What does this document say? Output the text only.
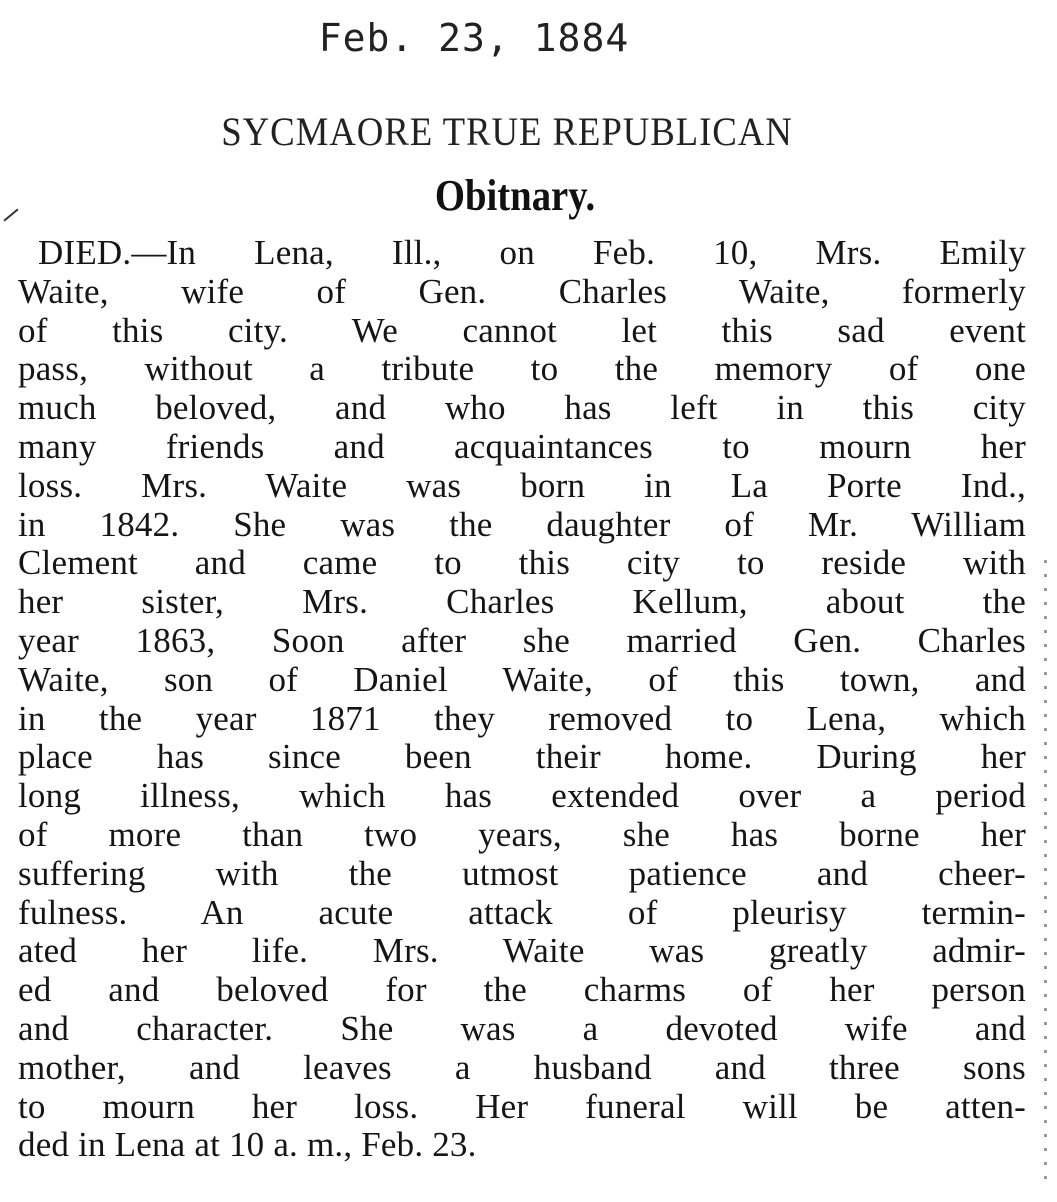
Feb. 23, 1884
SYCMAORE TRUE REPUBLICAN
Obitnary.
DIED.—In Lena, Ill., on Feb. 10, Mrs. Emily
Waite, wife of Gen. Charles Waite, formerly
of this city. We cannot let this sad event
pass, without a tribute to the memory of one
much beloved, and who has left in this city
many friends and acquaintances to mourn her
loss. Mrs. Waite was born in La Porte Ind.,
in 1842. She was the daughter of Mr. William
Clement and came to this city to reside with
her sister, Mrs. Charles Kellum, about the
year 1863, Soon after she married Gen. Charles
Waite, son of Daniel Waite, of this town, and
in the year 1871 they removed to Lena, which
place has since been their home. During her
long illness, which has extended over a period
of more than two years, she has borne her
suffering with the utmost patience and cheer-
fulness. An acute attack of pleurisy termin-
ated her life. Mrs. Waite was greatly admir-
ed and beloved for the charms of her person
and character. She was a devoted wife and
mother, and leaves a husband and three sons
to mourn her loss. Her funeral will be atten-
ded in Lena at 10 a. m., Feb. 23.
